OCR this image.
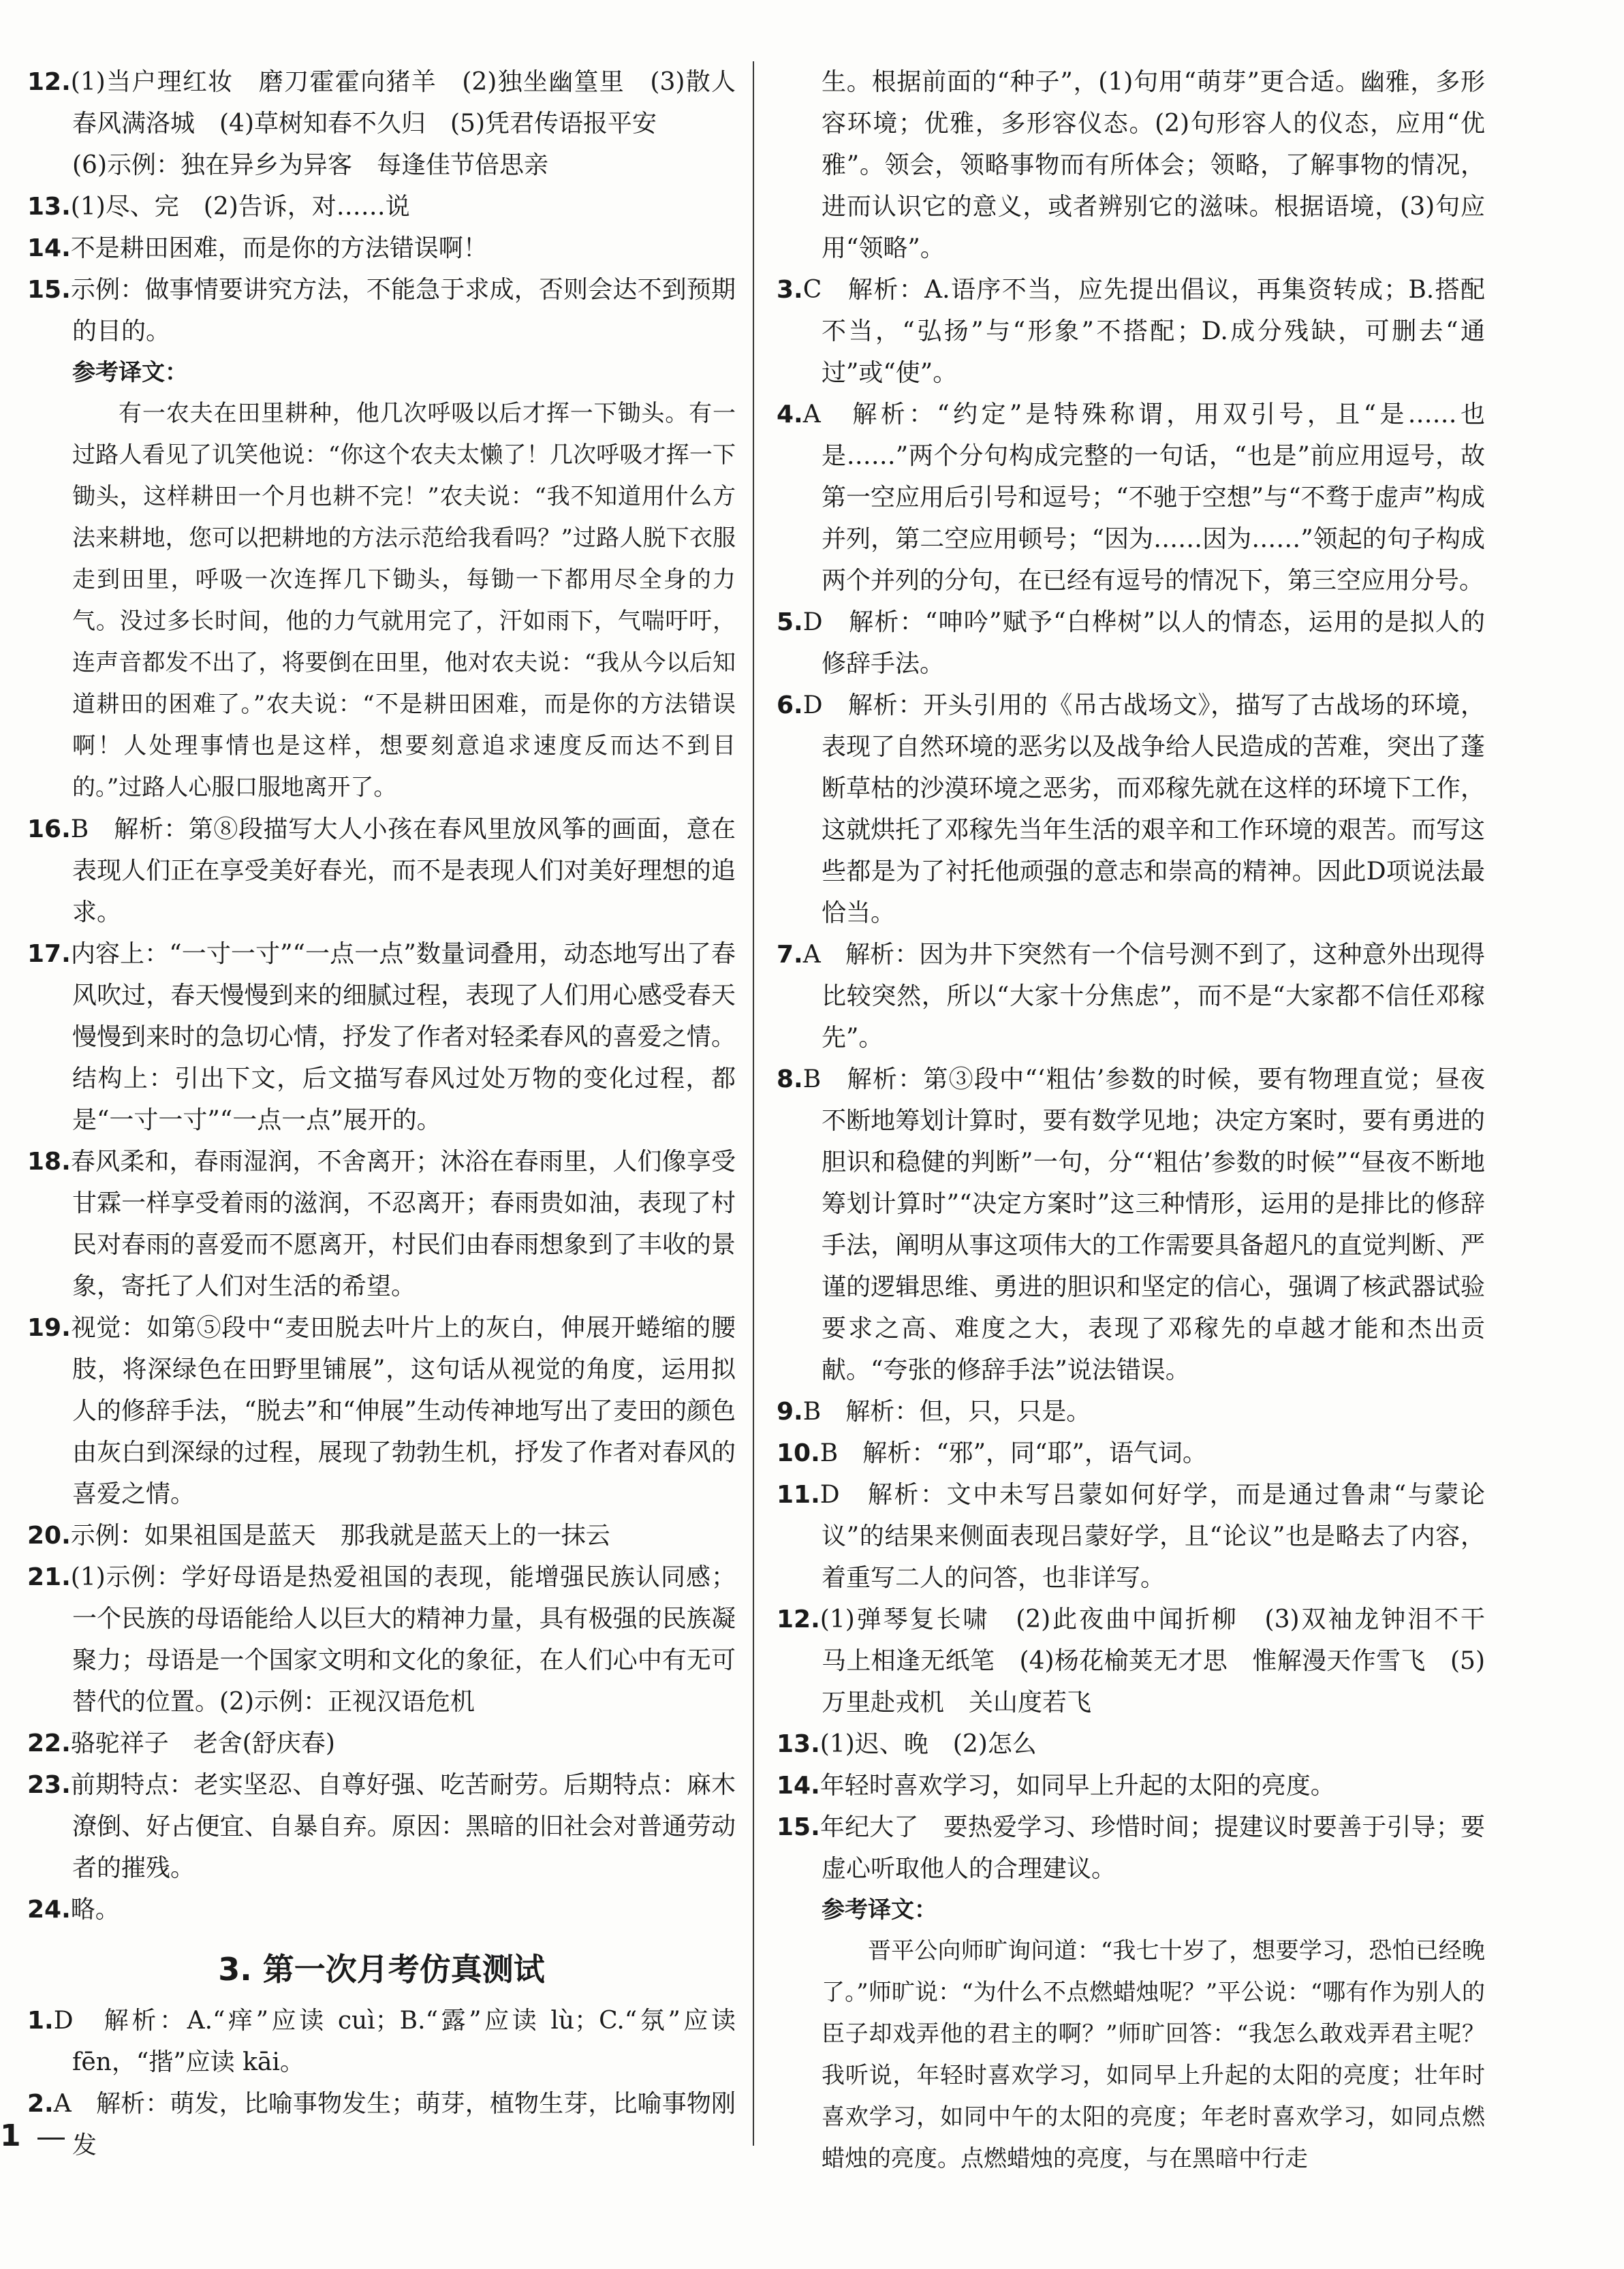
12.(1)当户理红妆　磨刀霍霍向猪羊　(2)独坐幽篁里　(3)散人春风满洛城　(4)草树知春不久归　(5)凭君传语报平安
(6)示例：独在异乡为异客　每逢佳节倍思亲
13.(1)尽、完　(2)告诉，对……说
14.不是耕田困难，而是你的方法错误啊！
15.示例：做事情要讲究方法，不能急于求成，否则会达不到预期的目的。
参考译文：
有一农夫在田里耕种，他几次呼吸以后才挥一下锄头。有一过路人看见了讥笑他说：“你这个农夫太懒了！几次呼吸才挥一下锄头，这样耕田一个月也耕不完！”农夫说：“我不知道用什么方法来耕地，您可以把耕地的方法示范给我看吗？”过路人脱下衣服走到田里，呼吸一次连挥几下锄头，每锄一下都用尽全身的力气。没过多长时间，他的力气就用完了，汗如雨下，气喘吁吁，连声音都发不出了，将要倒在田里，他对农夫说：“我从今以后知道耕田的困难了。”农夫说：“不是耕田困难，而是你的方法错误啊！人处理事情也是这样，想要刻意追求速度反而达不到目的。”过路人心服口服地离开了。
16.B　解析：第⑧段描写大人小孩在春风里放风筝的画面，意在表现人们正在享受美好春光，而不是表现人们对美好理想的追求。
17.内容上：“一寸一寸”“一点一点”数量词叠用，动态地写出了春风吹过，春天慢慢到来的细腻过程，表现了人们用心感受春天慢慢到来时的急切心情，抒发了作者对轻柔春风的喜爱之情。结构上：引出下文，后文描写春风过处万物的变化过程，都是“一寸一寸”“一点一点”展开的。
18.春风柔和，春雨湿润，不舍离开；沐浴在春雨里，人们像享受甘霖一样享受着雨的滋润，不忍离开；春雨贵如油，表现了村民对春雨的喜爱而不愿离开，村民们由春雨想象到了丰收的景象，寄托了人们对生活的希望。
19.视觉：如第⑤段中“麦田脱去叶片上的灰白，伸展开蜷缩的腰肢，将深绿色在田野里铺展”，这句话从视觉的角度，运用拟人的修辞手法，“脱去”和“伸展”生动传神地写出了麦田的颜色由灰白到深绿的过程，展现了勃勃生机，抒发了作者对春风的喜爱之情。
20.示例：如果祖国是蓝天　那我就是蓝天上的一抹云
21.(1)示例：学好母语是热爱祖国的表现，能增强民族认同感；一个民族的母语能给人以巨大的精神力量，具有极强的民族凝聚力；母语是一个国家文明和文化的象征，在人们心中有无可替代的位置。(2)示例：正视汉语危机
22.骆驼祥子　老舍(舒庆春)
23.前期特点：老实坚忍、自尊好强、吃苦耐劳。后期特点：麻木潦倒、好占便宜、自暴自弃。原因：黑暗的旧社会对普通劳动者的摧残。
24.略。
3. 第一次月考仿真测试
1.D　解析：A.“痒”应读 cuì；B.“露”应读 lù；C.“氛”应读 fēn，“揩”应读 kāi。
2.A　解析：萌发，比喻事物发生；萌芽，植物生芽，比喻事物刚发
生。根据前面的“种子”，(1)句用“萌芽”更合适。幽雅，多形容环境；优雅，多形容仪态。(2)句形容人的仪态，应用“优雅”。领会，领略事物而有所体会；领略，了解事物的情况，进而认识它的意义，或者辨别它的滋味。根据语境，(3)句应用“领略”。
3.C　解析：A.语序不当，应先提出倡议，再集资转成；B.搭配不当，“弘扬”与“形象”不搭配；D.成分残缺，可删去“通过”或“使”。
4.A　解析：“约定”是特殊称谓，用双引号，且“是……也是……”两个分句构成完整的一句话，“也是”前应用逗号，故第一空应用后引号和逗号；“不驰于空想”与“不骛于虚声”构成并列，第二空应用顿号；“因为……因为……”领起的句子构成两个并列的分句，在已经有逗号的情况下，第三空应用分号。
5.D　解析：“呻吟”赋予“白桦树”以人的情态，运用的是拟人的修辞手法。
6.D　解析：开头引用的《吊古战场文》，描写了古战场的环境，表现了自然环境的恶劣以及战争给人民造成的苦难，突出了蓬断草枯的沙漠环境之恶劣，而邓稼先就在这样的环境下工作，这就烘托了邓稼先当年生活的艰辛和工作环境的艰苦。而写这些都是为了衬托他顽强的意志和崇高的精神。因此D项说法最恰当。
7.A　解析：因为井下突然有一个信号测不到了，这种意外出现得比较突然，所以“大家十分焦虑”，而不是“大家都不信任邓稼先”。
8.B　解析：第③段中“‘粗估’参数的时候，要有物理直觉；昼夜不断地筹划计算时，要有数学见地；决定方案时，要有勇进的胆识和稳健的判断”一句，分“‘粗估’参数的时候”“昼夜不断地筹划计算时”“决定方案时”这三种情形，运用的是排比的修辞手法，阐明从事这项伟大的工作需要具备超凡的直觉判断、严谨的逻辑思维、勇进的胆识和坚定的信心，强调了核武器试验要求之高、难度之大，表现了邓稼先的卓越才能和杰出贡献。“夸张的修辞手法”说法错误。
9.B　解析：但，只，只是。
10.B　解析：“邪”，同“耶”，语气词。
11.D　解析：文中未写吕蒙如何好学，而是通过鲁肃“与蒙论议”的结果来侧面表现吕蒙好学，且“论议”也是略去了内容，着重写二人的问答，也非详写。
12.(1)弹琴复长啸　(2)此夜曲中闻折柳　(3)双袖龙钟泪不干　马上相逢无纸笔　(4)杨花榆荚无才思　惟解漫天作雪飞　(5)万里赴戎机　关山度若飞
13.(1)迟、晚　(2)怎么
14.年轻时喜欢学习，如同早上升起的太阳的亮度。
15.年纪大了　要热爱学习、珍惜时间；提建议时要善于引导；要虚心听取他人的合理建议。
参考译文：
晋平公向师旷询问道：“我七十岁了，想要学习，恐怕已经晚了。”师旷说：“为什么不点燃蜡烛呢？”平公说：“哪有作为别人的臣子却戏弄他的君主的啊？”师旷回答：“我怎么敢戏弄君主呢？我听说，年轻时喜欢学习，如同早上升起的太阳的亮度；壮年时喜欢学习，如同中午的太阳的亮度；年老时喜欢学习，如同点燃蜡烛的亮度。点燃蜡烛的亮度，与在黑暗中行走
1
